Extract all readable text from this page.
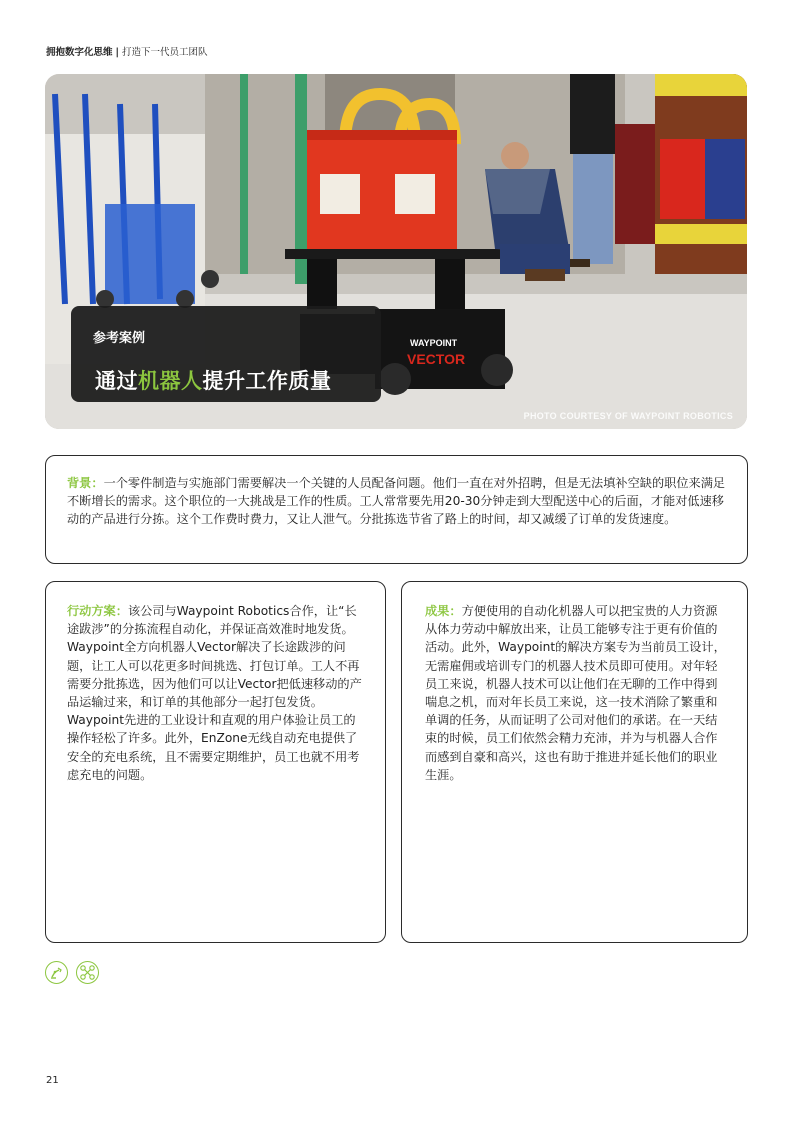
拥抱数字化思维 | 打造下一代员工团队
WAYPOINT
VECTOR
PHOTO COURTESY OF WAYPOINT ROBOTICS
参考案例
通过机器人提升工作质量

背景：一个零件制造与实施部门需要解决一个关键的人员配备问题。他们一直在对外招聘，但是无法填补空缺的职位来满足不断增长的需求。这个职位的一大挑战是工作的性质。工人常常要先用20-30分钟走到大型配送中心的后面，才能对低速移动的产品进行分拣。这个工作费时费力，又让人泄气。分批拣选节省了路上的时间，却又减缓了订单的发货速度。

行动方案：该公司与Waypoint Robotics合作，让“长途跋涉”的分拣流程自动化，并保证高效准时地发货。Waypoint全方向机器人Vector解决了长途跋涉的问题，让工人可以花更多时间挑选、打包订单。工人不再需要分批拣选，因为他们可以让Vector把低速移动的产品运输过来，和订单的其他部分一起打包发货。Waypoint先进的工业设计和直观的用户体验让员工的操作轻松了许多。此外，EnZone无线自动充电提供了安全的充电系统，且不需要定期维护，员工也就不用考虑充电的问题。

成果：方便使用的自动化机器人可以把宝贵的人力资源从体力劳动中解放出来，让员工能够专注于更有价值的活动。此外，Waypoint的解决方案专为当前员工设计，无需雇佣或培训专门的机器人技术员即可使用。对年轻员工来说，机器人技术可以让他们在无聊的工作中得到喘息之机，而对年长员工来说，这一技术消除了繁重和单调的任务，从而证明了公司对他们的承诺。在一天结束的时候，员工们依然会精力充沛，并为与机器人合作而感到自豪和高兴，这也有助于推进并延长他们的职业生涯。

21
